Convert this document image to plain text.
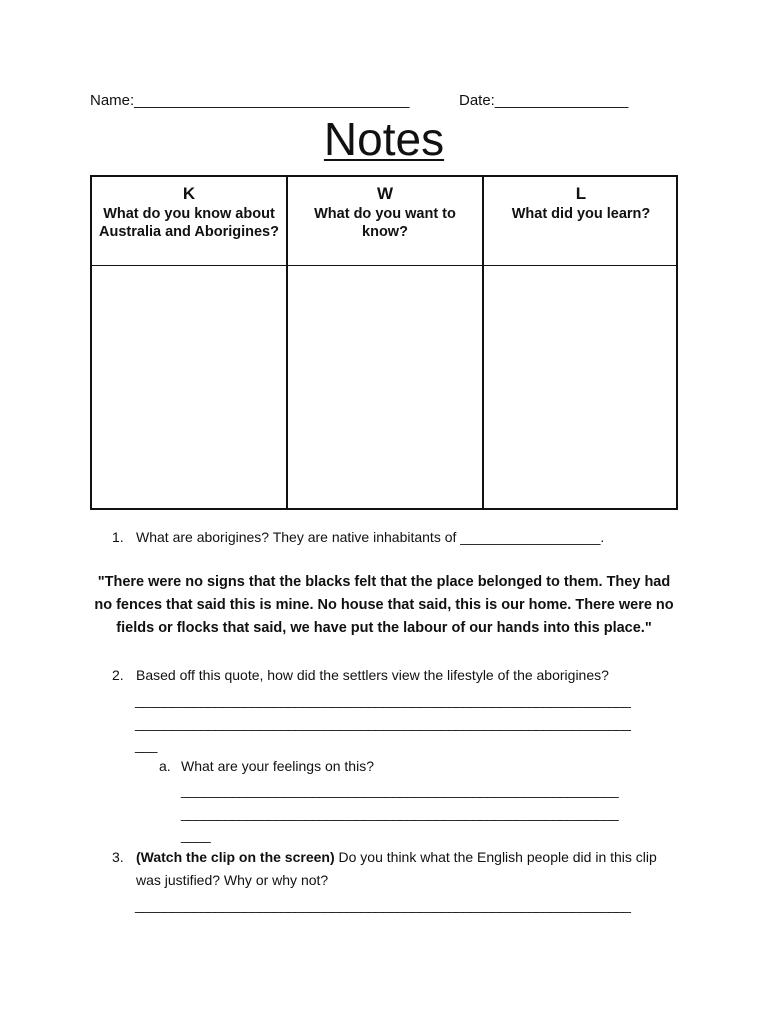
Name:_________________________________	Date:________________
Notes
K
What do you know about Australia and Aborigines?
W
What do you want to know?
L
What did you learn?
1. What are aborigines? They are native inhabitants of __________________.
"There were no signs that the blacks felt that the place belonged to them. They had no fences that said this is mine. No house that said, this is our home. There were no fields or flocks that said, we have put the labour of our hands into this place."
2. Based off this quote, how did the settlers view the lifestyle of the aborigines?
____________________________________________________________________
____________________________________________________________________
___
a. What are your feelings on this?
____________________________________________________________
____________________________________________________________
____
3. (Watch the clip on the screen) Do you think what the English people did in this clip
was justified? Why or why not?
____________________________________________________________________
